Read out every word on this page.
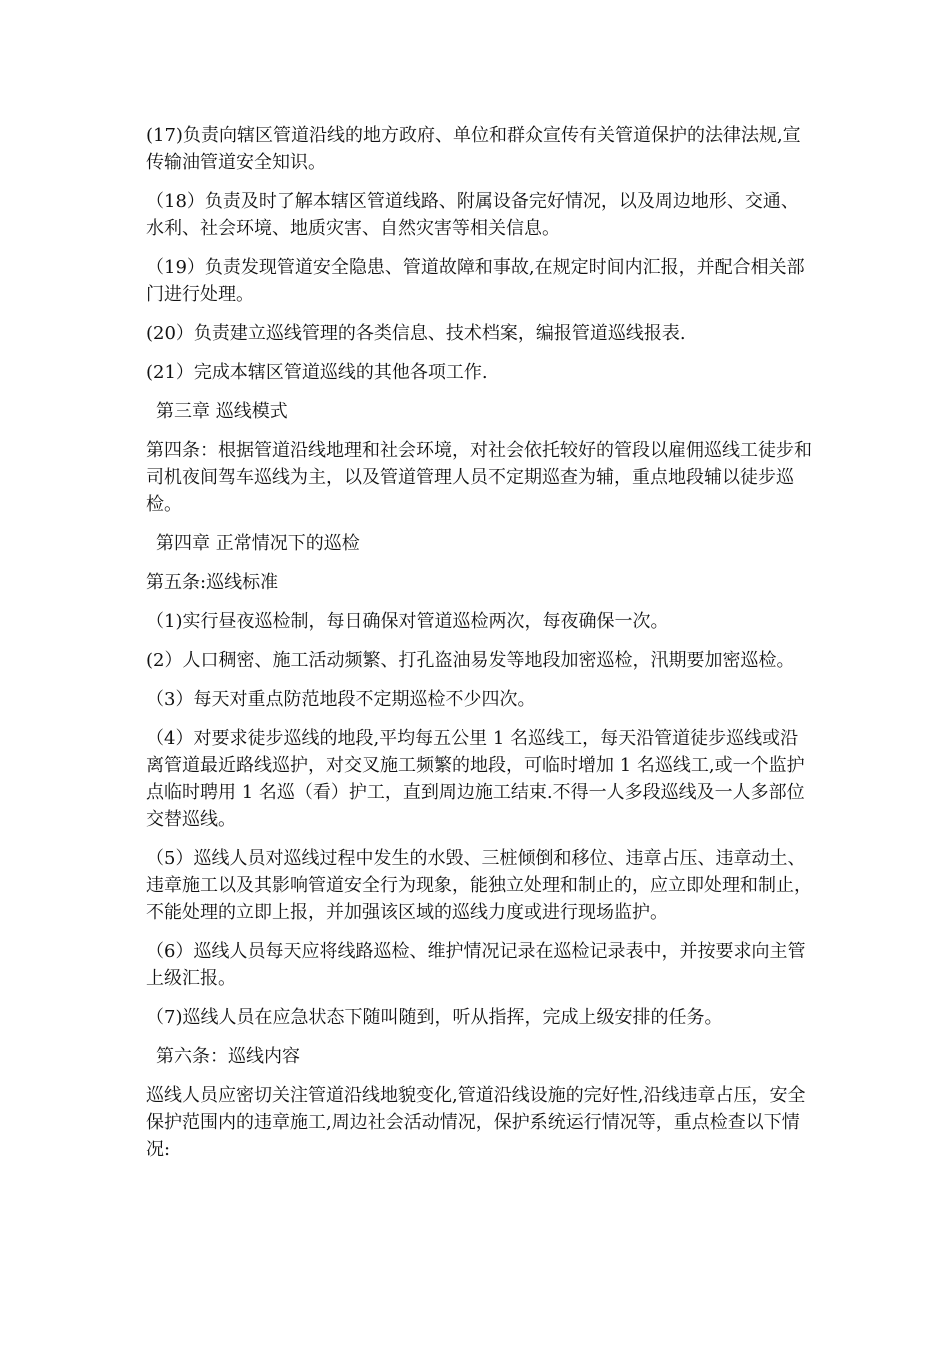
(17)负责向辖区管道沿线的地方政府、单位和群众宣传有关管道保护的法律法规,宣传输油管道安全知识。

（18）负责及时了解本辖区管道线路、附属设备完好情况，以及周边地形、交通、水利、社会环境、地质灾害、自然灾害等相关信息。

（19）负责发现管道安全隐患、管道故障和事故,在规定时间内汇报，并配合相关部门进行处理。

(20）负责建立巡线管理的各类信息、技术档案，编报管道巡线报表.

(21）完成本辖区管道巡线的其他各项工作.

第三章 巡线模式

第四条：根据管道沿线地理和社会环境，对社会依托较好的管段以雇佣巡线工徒步和司机夜间驾车巡线为主，以及管道管理人员不定期巡查为辅，重点地段辅以徒步巡检。

第四章 正常情况下的巡检

第五条:巡线标准

（1)实行昼夜巡检制，每日确保对管道巡检两次，每夜确保一次。

(2）人口稠密、施工活动频繁、打孔盗油易发等地段加密巡检，汛期要加密巡检。

（3）每天对重点防范地段不定期巡检不少四次。

（4）对要求徒步巡线的地段,平均每五公里 1 名巡线工，每天沿管道徒步巡线或沿离管道最近路线巡护，对交叉施工频繁的地段，可临时增加 1 名巡线工,或一个监护点临时聘用 1 名巡（看）护工，直到周边施工结束.不得一人多段巡线及一人多部位交替巡线。

（5）巡线人员对巡线过程中发生的水毁、三桩倾倒和移位、违章占压、违章动土、违章施工以及其影响管道安全行为现象，能独立处理和制止的，应立即处理和制止，不能处理的立即上报，并加强该区域的巡线力度或进行现场监护。

（6）巡线人员每天应将线路巡检、维护情况记录在巡检记录表中，并按要求向主管上级汇报。

（7)巡线人员在应急状态下随叫随到，听从指挥，完成上级安排的任务。

第六条：巡线内容

巡线人员应密切关注管道沿线地貌变化,管道沿线设施的完好性,沿线违章占压，安全保护范围内的违章施工,周边社会活动情况，保护系统运行情况等，重点检查以下情况:
